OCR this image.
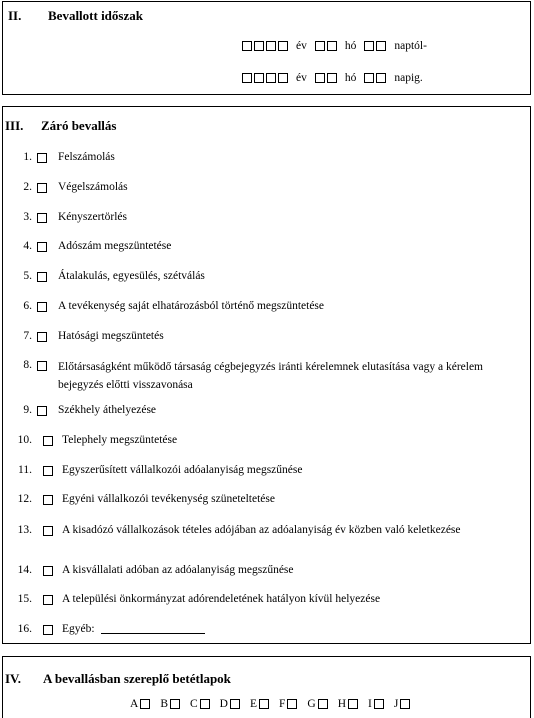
II. Bevallott időszak
év	hó	naptól-
év	hó	napig.
III. Záró bevallás
1. Felszámolás
2. Végelszámolás
3. Kényszertörlés
4. Adószám megszüntetése
5. Átalakulás, egyesülés, szétválás
6. A tevékenység saját elhatározásból történő megszüntetése
7. Hatósági megszüntetés
8. Előtársaságként működő társaság cégbejegyzés iránti kérelemnek elutasítása vagy a kérelem bejegyzés előtti visszavonása
9. Székhely áthelyezése
10.	Telephely megszüntetése
11.	Egyszerűsített vállalkozói adóalanyiság megszűnése
12.	Egyéni vállalkozói tevékenység szüneteltetése
13.	A kisadózó vállalkozások tételes adójában az adóalanyiság év közben való keletkezése
14.	A kisvállalati adóban az adóalanyiság megszűnése
15.	A települési önkormányzat adórendeletének hatályon kívül helyezése
16.	Egyéb:
IV. A bevallásban szereplő betétlapok
A B C D E F G H I J
